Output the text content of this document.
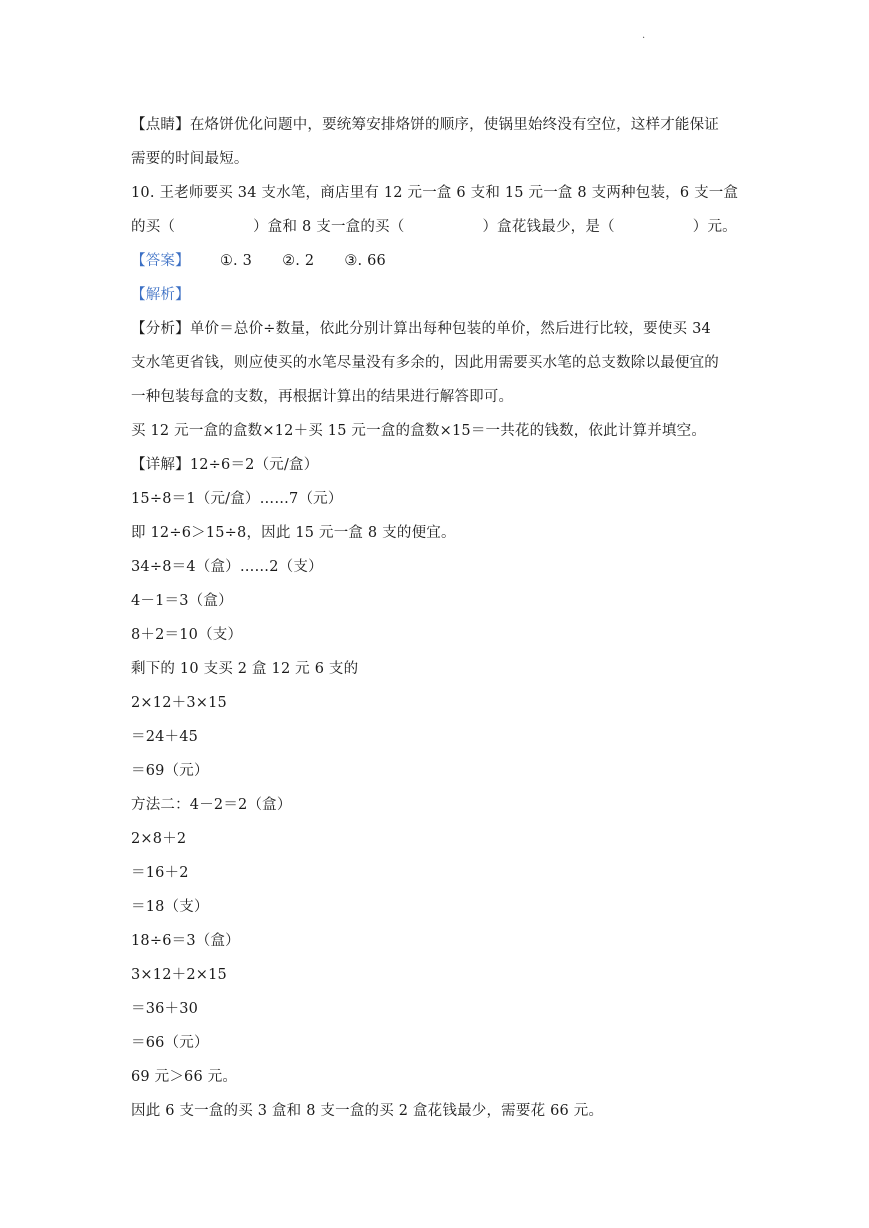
.
【点睛】在烙饼优化问题中，要统筹安排烙饼的顺序，使锅里始终没有空位，这样才能保证
需要的时间最短。
10. 王老师要买 34 支水笔，商店里有 12 元一盒 6 支和 15 元一盒 8 支两种包装，6 支一盒
的买（	）盒和 8 支一盒的买（	）盒花钱最少，是（	）元。
【答案】 ①. 3 ②. 2 ③. 66
【解析】
【分析】单价＝总价÷数量，依此分别计算出每种包装的单价，然后进行比较，要使买 34
支水笔更省钱，则应使买的水笔尽量没有多余的，因此用需要买水笔的总支数除以最便宜的
一种包装每盒的支数，再根据计算出的结果进行解答即可。
买 12 元一盒的盒数×12＋买 15 元一盒的盒数×15＝一共花的钱数，依此计算并填空。
【详解】12÷6＝2（元/盒）
15÷8＝1（元/盒）……7（元）
即 12÷6＞15÷8，因此 15 元一盒 8 支的便宜。
34÷8＝4（盒）……2（支）
4－1＝3（盒）
8＋2＝10（支）
剩下的 10 支买 2 盒 12 元 6 支的
2×12＋3×15
＝24＋45
＝69（元）
方法二：4－2＝2（盒）
2×8＋2
＝16＋2
＝18（支）
18÷6＝3（盒）
3×12＋2×15
＝36＋30
＝66（元）
69 元＞66 元。
因此 6 支一盒的买 3 盒和 8 支一盒的买 2 盒花钱最少，需要花 66 元。
